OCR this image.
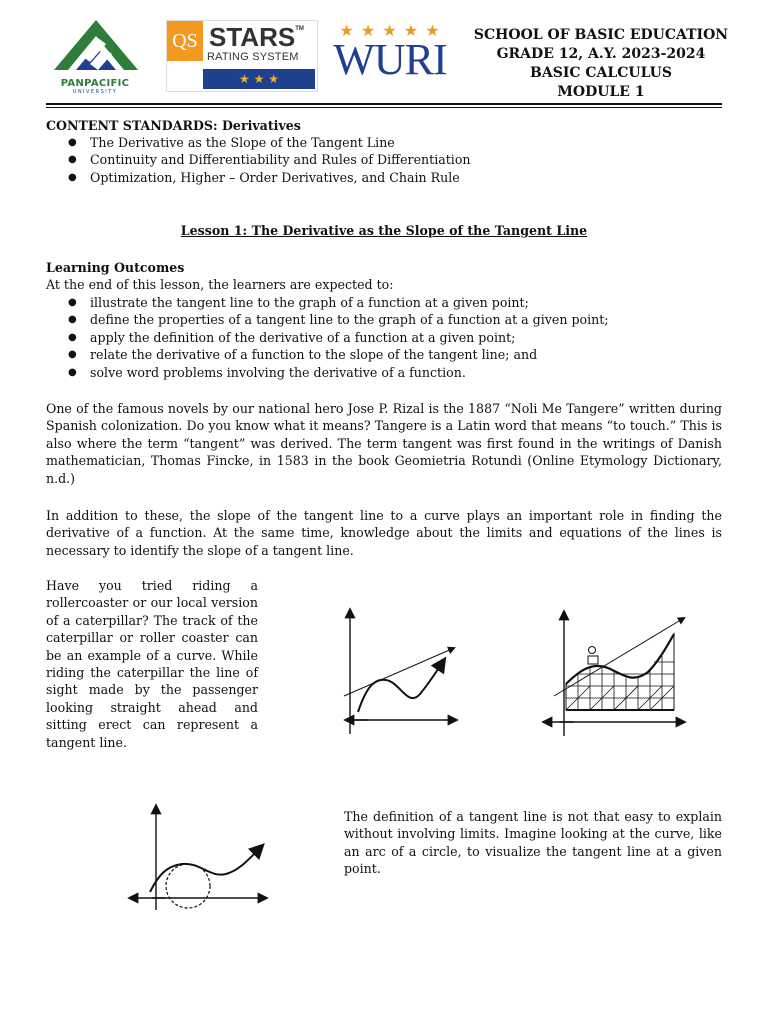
PANPACIFIC
UNIVERSITY
QS STARS™
RATING SYSTEM
★ ★ ★
★ ★ ★ ★ ★
WURI	SCHOOL OF BASIC EDUCATION
GRADE 12, A.Y. 2023-2024
BASIC CALCULUS
MODULE 1
CONTENT STANDARDS: Derivatives
● The Derivative as the Slope of the Tangent Line
● Continuity and Differentiability and Rules of Differentiation
● Optimization, Higher – Order Derivatives, and Chain Rule
Lesson 1: The Derivative as the Slope of the Tangent Line
Learning Outcomes
At the end of this lesson, the learners are expected to:
● illustrate the tangent line to the graph of a function at a given point;
● define the properties of a tangent line to the graph of a function at a given point;
● apply the definition of the derivative of a function at a given point;
● relate the derivative of a function to the slope of the tangent line; and
● solve word problems involving the derivative of a function.
One of the famous novels by our national hero Jose P. Rizal is the 1887 “Noli Me Tangere” written during Spanish colonization. Do you know what it means? Tangere is a Latin word that means “to touch.” This is also where the term “tangent” was derived. The term tangent was first found in the writings of Danish mathematician, Thomas Fincke, in 1583 in the book Geomietria Rotundi (Online Etymology Dictionary, n.d.)
In addition to these, the slope of the tangent line to a curve plays an important role in finding the derivative of a function. At the same time, knowledge about the limits and equations of the lines is necessary to identify the slope of a tangent line.
Have you tried riding a rollercoaster or our local version of a caterpillar? The track of the caterpillar or roller coaster can be an example of a curve. While riding the caterpillar the line of sight made by the passenger looking straight ahead and sitting erect can represent a tangent line.
The definition of a tangent line is not that easy to explain without involving limits. Imagine looking at the curve, like an arc of a circle, to visualize the tangent line at a given point.
